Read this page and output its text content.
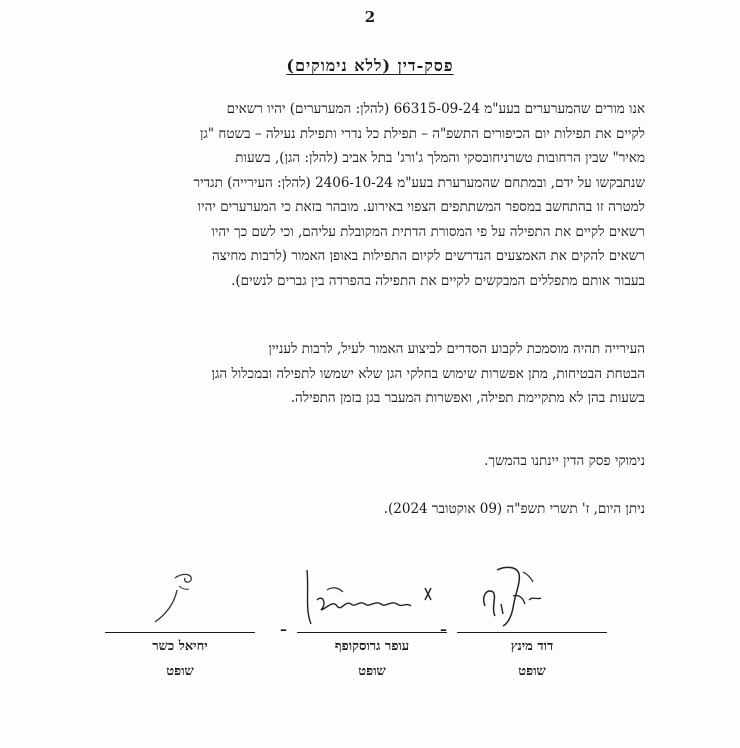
2
פסק-דין (ללא נימוקים)
אנו מורים שהמערערים בעע"מ 66315-09-24 (להלן: המערערים) יהיו רשאים
לקיים את תפילות יום הכיפורים התשפ"ה – תפילת כל נדרי ותפילת נעילה – בשטח "גן
מאיר" שבין הרחובות טשרניחובסקי והמלך ג'ורג' בתל אביב (להלן: הגן), בשעות
שנתבקשו על ידם, ובמתחם שהמערערת בעע"מ 2406-10-24 (להלן: העירייה) תגדיר
למטרה זו בהתחשב במספר המשתתפים הצפוי באירוע. מובהר בזאת כי המערערים יהיו
רשאים לקיים את התפילה על פי המסורת הדתית המקובלת עליהם, וכי לשם כך יהיו
רשאים להקים את האמצעים הנדרשים לקיום התפילות באופן האמור (לרבות מחיצה
בעבור אותם מתפללים המבקשים לקיים את התפילה בהפרדה בין גברים לנשים).
העירייה תהיה מוסמכת לקבוע הסדרים לביצוע האמור לעיל, לרבות לעניין
הבטחת הבטיחות, מתן אפשרות שימוש בחלקי הגן שלא ישמשו לתפילה ובמכלול הגן
בשעות בהן לא מתקיימת תפילה, ואפשרות המעבר בגן בזמן התפילה.
נימוקי פסק הדין יינתנו בהמשך.
ניתן היום, ז' תשרי תשפ"ה (09 אוקטובר 2024).
יחיאל כשר
שופט
–
עופר גרוסקופף
שופט
–
דוד מינץ
שופט
